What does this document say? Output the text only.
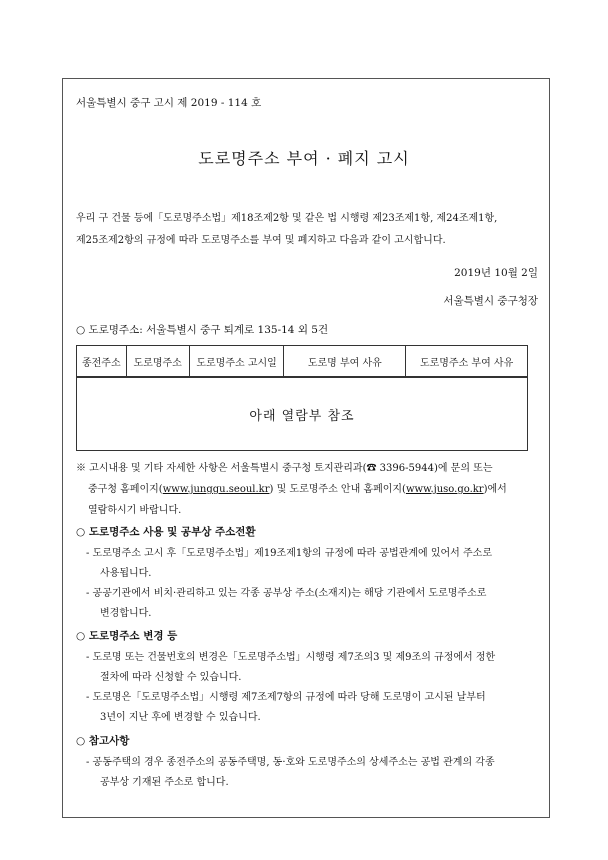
서울특별시 중구 고시 제 2019 - 114 호
도로명주소 부여 · 폐지 고시
우리 구 건물 등에「도로명주소법」제18조제2항 및 같은 법 시행령 제23조제1항, 제24조제1항,
제25조제2항의 규정에 따라 도로명주소를 부여 및 폐지하고 다음과 같이 고시합니다.
2019년 10월 2일
서울특별시 중구청장
○ 도로명주소: 서울특별시 중구 퇴계로 135-14 외 5건
종전주소	도로명주소	도로명주소 고시일	도로명 부여 사유	도로명주소 부여 사유
아래 열람부 참조
※ 고시내용 및 기타 자세한 사항은 서울특별시 중구청 토지관리과(☎ 3396-5944)에 문의 또는
중구청 홈페이지(www.junggu.seoul.kr) 및 도로명주소 안내 홈페이지(www.juso.go.kr)에서
열람하시기 바랍니다.
○ 도로명주소 사용 및 공부상 주소전환
- 도로명주소 고시 후「도로명주소법」제19조제1항의 규정에 따라 공법관계에 있어서 주소로
사용됩니다.
- 공공기관에서 비치·관리하고 있는 각종 공부상 주소(소재지)는 해당 기관에서 도로명주소로
변경합니다.
○ 도로명주소 변경 등
- 도로명 또는 건물번호의 변경은「도로명주소법」시행령 제7조의3 및 제9조의 규정에서 정한
절차에 따라 신청할 수 있습니다.
- 도로명은「도로명주소법」시행령 제7조제7항의 규정에 따라 당해 도로명이 고시된 날부터
3년이 지난 후에 변경할 수 있습니다.
○ 참고사항
- 공동주택의 경우 종전주소의 공동주택명, 동·호와 도로명주소의 상세주소는 공법 관계의 각종
공부상 기재된 주소로 합니다.
